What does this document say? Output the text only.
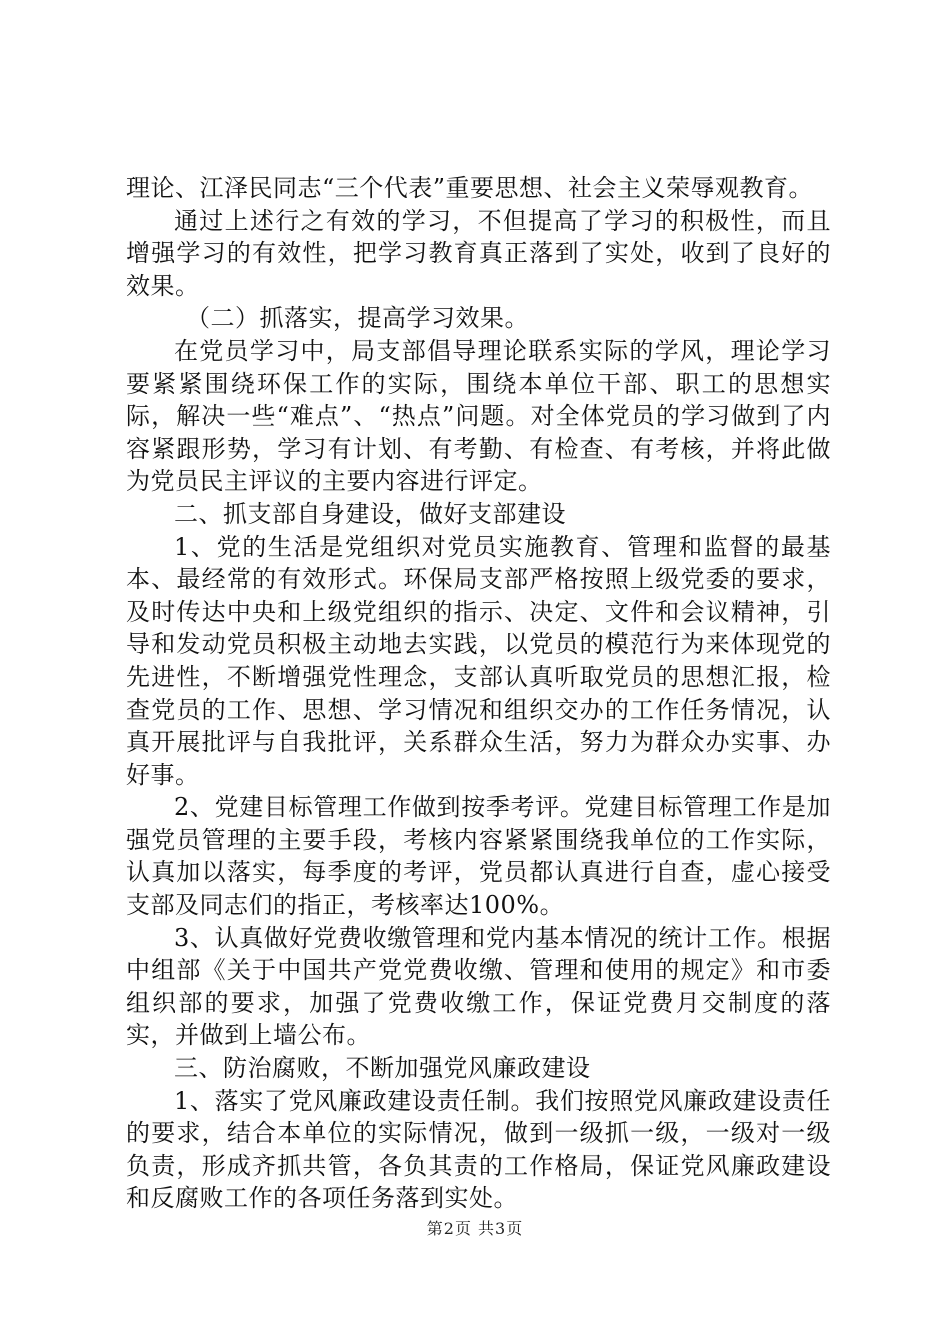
理论、江泽民同志“三个代表”重要思想、社会主义荣辱观教育。

通过上述行之有效的学习，不但提高了学习的积极性，而且增强学习的有效性，把学习教育真正落到了实处，收到了良好的效果。

（二）抓落实，提高学习效果。

在党员学习中，局支部倡导理论联系实际的学风，理论学习要紧紧围绕环保工作的实际，围绕本单位干部、职工的思想实际，解决一些“难点”、“热点”问题。对全体党员的学习做到了内容紧跟形势，学习有计划、有考勤、有检查、有考核，并将此做为党员民主评议的主要内容进行评定。

二、抓支部自身建设，做好支部建设

1、党的生活是党组织对党员实施教育、管理和监督的最基本、最经常的有效形式。环保局支部严格按照上级党委的要求，及时传达中央和上级党组织的指示、决定、文件和会议精神，引导和发动党员积极主动地去实践，以党员的模范行为来体现党的先进性，不断增强党性理念，支部认真听取党员的思想汇报，检查党员的工作、思想、学习情况和组织交办的工作任务情况，认真开展批评与自我批评，关系群众生活，努力为群众办实事、办好事。

2、党建目标管理工作做到按季考评。党建目标管理工作是加强党员管理的主要手段，考核内容紧紧围绕我单位的工作实际，认真加以落实，每季度的考评，党员都认真进行自查，虚心接受支部及同志们的指正，考核率达100%。

3、认真做好党费收缴管理和党内基本情况的统计工作。根据中组部《关于中国共产党党费收缴、管理和使用的规定》和市委组织部的要求，加强了党费收缴工作，保证党费月交制度的落实，并做到上墙公布。

三、防治腐败，不断加强党风廉政建设

1、落实了党风廉政建设责任制。我们按照党风廉政建设责任的要求，结合本单位的实际情况，做到一级抓一级，一级对一级负责，形成齐抓共管，各负其责的工作格局，保证党风廉政建设和反腐败工作的各项任务落到实处。

第2页 共3页
